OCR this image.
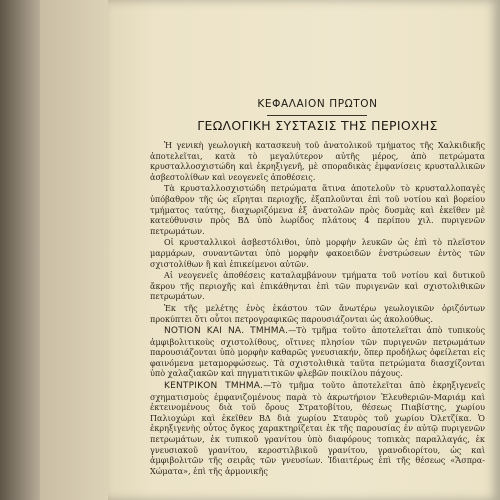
ΚΕΦΑΛΑΙΟΝ ΠΡΩΤΟΝ
ΓΕΩΛΟΓΙΚΗ ΣΥΣΤΑΣΙΣ ΤΗΣ ΠΕΡΙΟΧΗΣ

Ἡ γενικὴ γεωλογικὴ κατασκευὴ τοῦ ἀνατολικοῦ τμήματος τῆς Χαλκιδικῆς ἀποτελεῖται, κατὰ τὸ μεγαλύτερον αὐτῆς μέρος, ἀπὸ πετρώματα κρυσταλλοσχιστώδη καὶ ἐκρηξιγενῆ, μὲ σποραδικὰς ἐμφανίσεις κρυσταλλικῶν ἀσβεστολίθων καὶ νεογενεῖς ἀποθέσεις.

Τὰ κρυσταλλοσχιστώδη πετρώματα ἅτινα ἀποτελοῦν τὸ κρυσταλλοπαγὲς ὑπόβαθρον τῆς ὡς εἴρηται περιοχῆς, ἐξαπλοῦνται ἐπὶ τοῦ νοτίου καὶ βορείου τμήματος ταύτης, διαχωριζόμενα ἐξ ἀνατολῶν πρὸς δυσμὰς καὶ ἐκεῖθεν μὲ κατεύθυνσιν πρὸς ΒΔ ὑπὸ λωρίδος πλάτους 4 περίπου χιλ. πυριγενῶν πετρωμάτων.

Οἱ κρυσταλλικοὶ ἀσβεστόλιθοι, ὑπὸ μορφὴν λευκῶν ὡς ἐπὶ τὸ πλεῖστον μαρμάρων, συναντῶνται ὑπὸ μορφὴν φακοειδῶν ἐνστρώσεων ἐντὸς τῶν σχιστολίθων ἢ καὶ ἐπικείμενοι αὐτῶν.

Αἱ νεογενεῖς ἀποθέσεις καταλαμβάνουν τμήματα τοῦ νοτίου καὶ δυτικοῦ ἄκρου τῆς περιοχῆς καὶ ἐπικάθηνται ἐπὶ τῶν πυριγενῶν καὶ σχιστολιθικῶν πετρωμάτων.

Ἐκ τῆς μελέτης ἑνὸς ἑκάστου τῶν ἄνωτέρω γεωλογικῶν ὁριζόντων προκύπτει ὅτι οὗτοι πετρογραφικῶς παρουσιάζονται ὡς ἀκολούθως.

ΝΟΤΙΟΝ ΚΑΙ ΝΑ. ΤΜΗΜΑ.—Τὸ τμῆμα τοῦτο ἀποτελεῖται ἀπὸ τυπικοὺς ἀμφιβολιτικοὺς σχιστολίθους, οἵτινες πλησίον τῶν πυριγενῶν πετρωμάτων παρουσιάζονται ὑπὸ μορφὴν καθαρῶς γνευσιακήν, ὅπερ προδήλως ὀφείλεται εἰς φαινόμενα μεταμορφώσεως. Τὰ σχιστολιθικὰ ταῦτα πετρώματα διασχίζονται ὑπὸ χαλαζιακῶν καὶ πηγματιτικῶν φλεβῶν ποικίλου πάχους.

ΚΕΝΤΡΙΚΟΝ ΤΜΗΜΑ.—Τὸ τμῆμα τοῦτο ἀποτελεῖται ἀπὸ ἐκρηξιγενεῖς σχηματισμοὺς ἐμφανιζομένους παρὰ τὸ ἀκρωτήριον Ἐλευθεριῶν-Μαριάμ καὶ ἐκτεινομένους διὰ τοῦ ὄρους Στρατοβίτου, θέσεως Πιαβίστης, χωρίου Παλιοχώρι καὶ ἐκεῖθεν ΒΔ διὰ χωρίου Σταυρὸς τοῦ χωρίου Ὀλετζίκα. Ὁ ἐκρηξιγενὴς οὗτος ὄγκος χαρακτηρίζεται ἐκ τῆς παρουσίας ἐν αὐτῷ πυριγενῶν πετρωμάτων, ἐκ τυπικοῦ γρανίτου ὑπὸ διαφόρους τοπικὰς παραλλαγάς, ἐκ γνευσιακοῦ γρανίτου, κεροστιλβικοῦ γρανίτου, γρανοδιορίτου, ὡς καὶ ἀμφιβολιτῶν τῆς σειρᾶς τῶν γνευσίων. Ἰδιαιτέρως ἐπὶ τῆς θέσεως «Ἄσπρα-Χώματα», ἐπὶ τῆς ἁρμονικῆς
